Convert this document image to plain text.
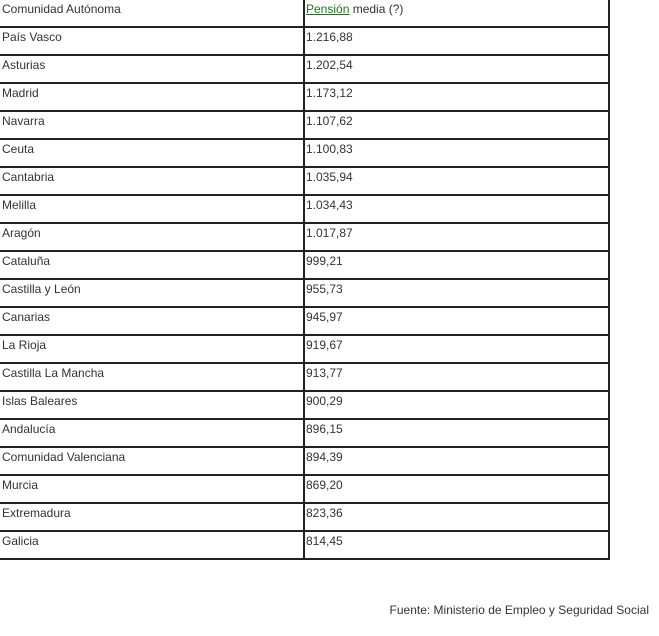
Comunidad Autónoma	Pensión media (?)
País Vasco	1.216,88
Asturias	1.202,54
Madrid	1.173,12
Navarra	1.107,62
Ceuta	1.100,83
Cantabria	1.035,94
Melilla	1.034,43
Aragón	1.017,87
Cataluña	999,21
Castilla y León	955,73
Canarias	945,97
La Rioja	919,67
Castilla La Mancha	913,77
Islas Baleares	900,29
Andalucía	896,15
Comunidad Valenciana	894,39
Murcia	869,20
Extremadura	823,36
Galicia	814,45
Fuente: Ministerio de Empleo y Seguridad Social
